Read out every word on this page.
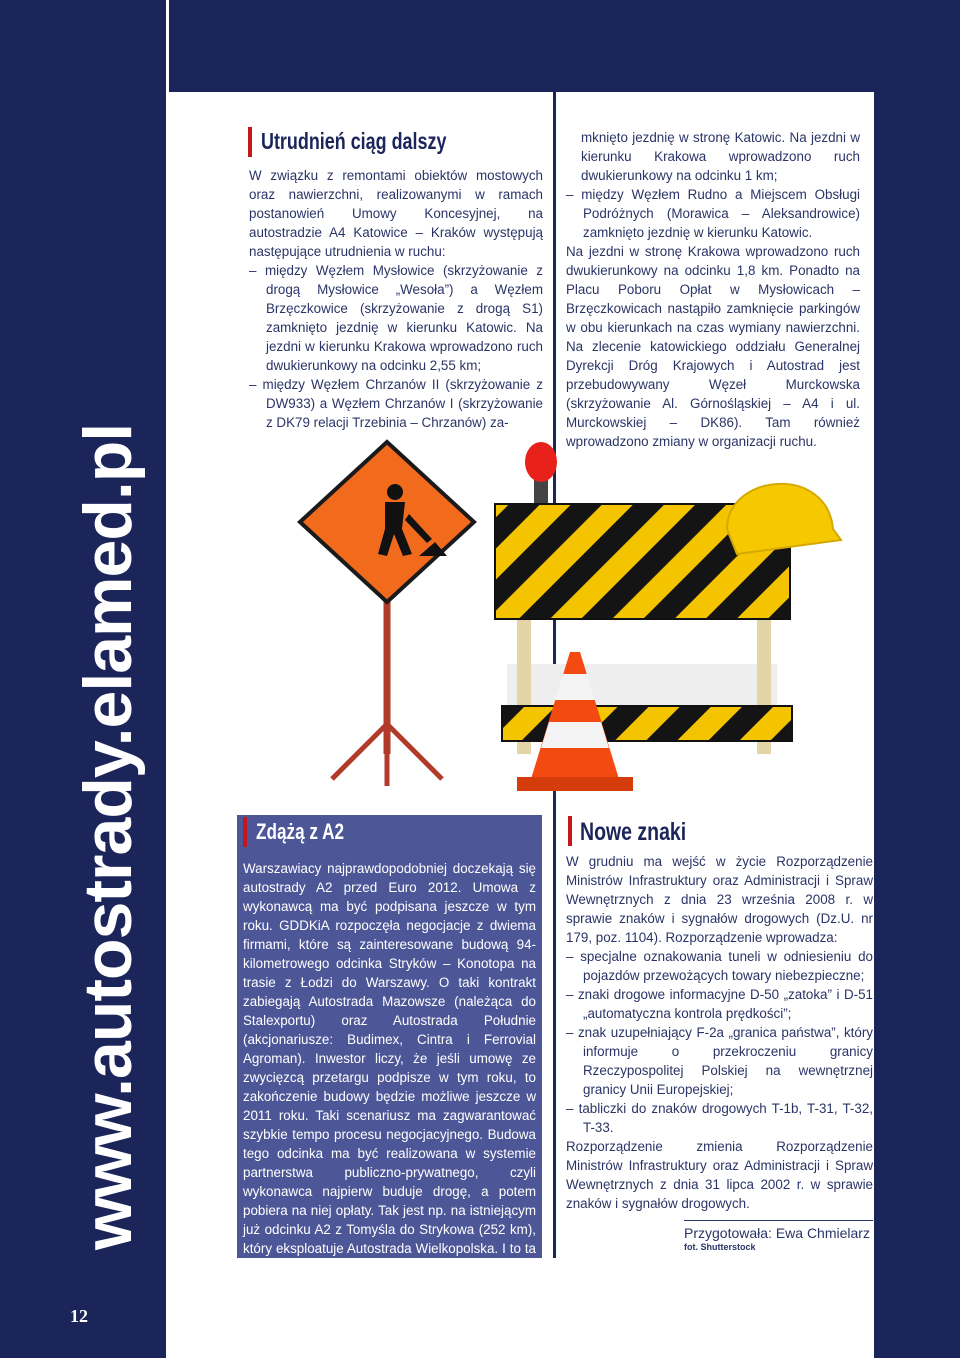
www.autostrady.elamed.pl
12
Utrudnień ciąg dalszy

W związku z remontami obiektów mostowych oraz nawierzchni, realizowanymi w ramach postanowień Umowy Koncesyjnej, na autostradzie A4 Katowice – Kraków występują następujące utrudnienia w ruchu:

– między Węzłem Mysłowice (skrzyżowanie z drogą Mysłowice „Wesoła”) a Węzłem Brzęczkowice (skrzyżowanie z drogą S1) zamknięto jezdnię w kierunku Katowic. Na jezdni w kierunku Krakowa wprowadzono ruch dwukierunkowy na odcinku 2,55 km;

– między Węzłem Chrzanów II (skrzyżowanie z DW933) a Węzłem Chrzanów I (skrzyżowanie z DK79 relacji Trzebinia – Chrzanów) za-

mknięto jezdnię w stronę Katowic. Na jezdni w kierunku Krakowa wprowadzono ruch dwukierunkowy na odcinku 1 km;

– między Węzłem Rudno a Miejscem Obsługi Podróżnych (Morawica – Aleksandrowice) zamknięto jezdnię w kierunku Katowic.

Na jezdni w stronę Krakowa wprowadzono ruch dwukierunkowy na odcinku 1,8 km. Ponadto na Placu Poboru Opłat w Mysłowicach – Brzęczkowicach nastąpiło zamknięcie parkingów w obu kierunkach na czas wymiany nawierzchni. Na zlecenie katowickiego oddziału Generalnej Dyrekcji Dróg Krajowych i Autostrad jest przebudowywany Węzeł Murckowska (skrzyżowanie Al. Górnośląskiej – A4 i ul. Murckowskiej – DK86). Tam również wprowadzono zmiany w organizacji ruchu.

Zdążą z A2

Warszawiacy najprawdopodobniej doczekają się autostrady A2 przed Euro 2012. Umowa z wykonawcą ma być podpisana jeszcze w tym roku. GDDKiA rozpoczęła negocjacje z dwiema firmami, które są zainteresowane budową 94-kilometrowego odcinka Stryków – Konotopa na trasie z Łodzi do Warszawy. O taki kontrakt zabiegają Autostrada Mazowsze (należąca do Stalexportu) oraz Autostrada Południe (akcjonariusze: Budimex, Cintra i Ferrovial Agroman). Inwestor liczy, że jeśli umowę ze zwycięzcą przetargu podpisze w tym roku, to zakończenie budowy będzie możliwe jeszcze w 2011 roku. Taki scenariusz ma zagwarantować szybkie tempo procesu negocjacyjnego. Budowa tego odcinka ma być realizowana w systemie partnerstwa publiczno-prywatnego, czyli wykonawca najpierw buduje drogę, a potem pobiera na niej opłaty. Tak jest np. na istniejącym już odcinku A2 z Tomyśla do Strykowa (252 km), który eksploatuje Autostrada Wielkopolska. I to ta firma ma budować kolejny odcinek z Tomyśla do Świecka.

Nowe znaki

W grudniu ma wejść w życie Rozporządzenie Ministrów Infrastruktury oraz Administracji i Spraw Wewnętrznych z dnia 23 września 2008 r. w sprawie znaków i sygnałów drogowych (Dz.U. nr 179, poz. 1104). Rozporządzenie wprowadza:

– specjalne oznakowania tuneli w odniesieniu do pojazdów przewożących towary niebezpieczne;

– znaki drogowe informacyjne D-50 „zatoka” i D-51 „automatyczna kontrola prędkości”;

– znak uzupełniający F-2a „granica państwa”, który informuje o przekroczeniu granicy Rzeczypospolitej Polskiej na wewnętrznej granicy Unii Europejskiej;

– tabliczki do znaków drogowych T-1b, T-31, T-32, T-33.

Rozporządzenie zmienia Rozporządzenie Ministrów Infrastruktury oraz Administracji i Spraw Wewnętrznych z dnia 31 lipca 2002 r. w sprawie znaków i sygnałów drogowych.

Przygotowała: Ewa Chmielarz
fot. Shutterstock
